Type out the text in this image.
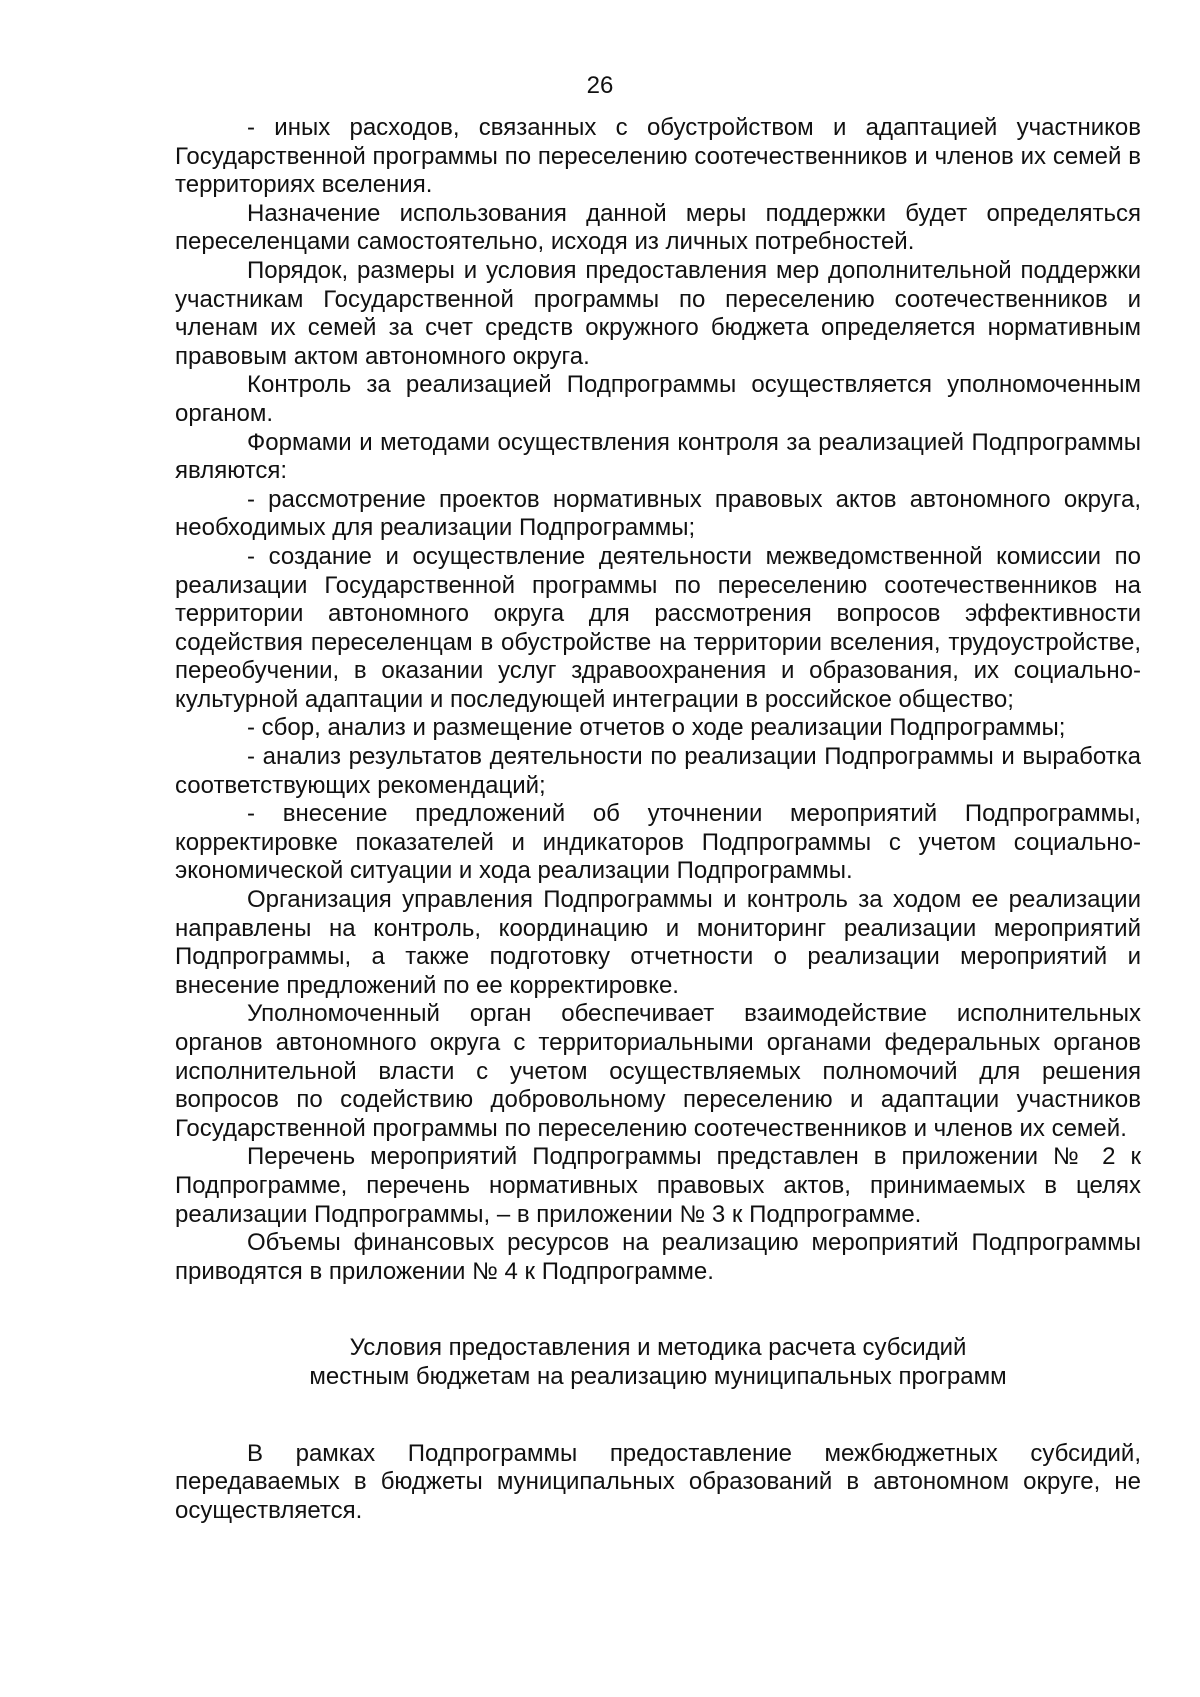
26

- иных расходов, связанных с обустройством и адаптацией участников Государственной программы по переселению соотечественников и членов их семей в территориях вселения.

Назначение использования данной меры поддержки будет определяться переселенцами самостоятельно, исходя из личных потребностей.

Порядок, размеры и условия предоставления мер дополнительной поддержки участникам Государственной программы по переселению соотечественников и членам их семей за счет средств окружного бюджета определяется нормативным правовым актом автономного округа.

Контроль за реализацией Подпрограммы осуществляется уполномоченным органом.

Формами и методами осуществления контроля за реализацией Подпрограммы являются:

- рассмотрение проектов нормативных правовых актов автономного округа, необходимых для реализации Подпрограммы;

- создание и осуществление деятельности межведомственной комиссии по реализации Государственной программы по переселению соотечественников на территории автономного округа для рассмотрения вопросов эффективности содействия переселенцам в обустройстве на территории вселения, трудоустройстве, переобучении, в оказании услуг здравоохранения и образования, их социально-культурной адаптации и последующей интеграции в российское общество;

- сбор, анализ и размещение отчетов о ходе реализации Подпрограммы;

- анализ результатов деятельности по реализации Подпрограммы и выработка соответствующих рекомендаций;

- внесение предложений об уточнении мероприятий Подпрограммы, корректировке показателей и индикаторов Подпрограммы с учетом социально-экономической ситуации и хода реализации Подпрограммы.

Организация управления Подпрограммы и контроль за ходом ее реализации направлены на контроль, координацию и мониторинг реализации мероприятий Подпрограммы, а также подготовку отчетности о реализации мероприятий и внесение предложений по ее корректировке.

Уполномоченный орган обеспечивает взаимодействие исполнительных органов автономного округа с территориальными органами федеральных органов исполнительной власти с учетом осуществляемых полномочий для решения вопросов по содействию добровольному переселению и адаптации участников Государственной программы по переселению соотечественников и членов их семей.

Перечень мероприятий Подпрограммы представлен в приложении № 2 к Подпрограмме, перечень нормативных правовых актов, принимаемых в целях реализации Подпрограммы, – в приложении № 3 к Подпрограмме.

Объемы финансовых ресурсов на реализацию мероприятий Подпрограммы приводятся в приложении № 4 к Подпрограмме.

Условия предоставления и методика расчета субсидий
местным бюджетам на реализацию муниципальных программ

В рамках Подпрограммы предоставление межбюджетных субсидий, передаваемых в бюджеты муниципальных образований в автономном округе, не осуществляется.
